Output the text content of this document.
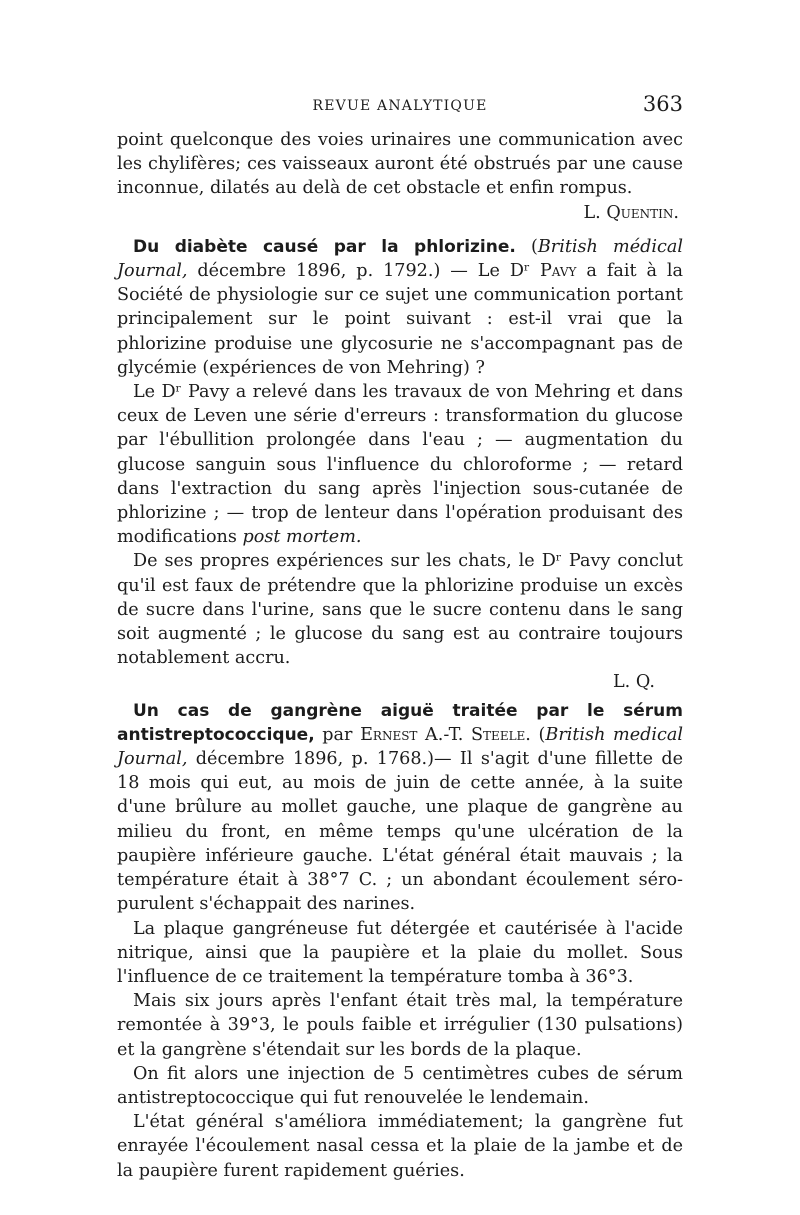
REVUE ANALYTIQUE	363

point quelconque des voies urinaires une communication avec les chylifères; ces vaisseaux auront été obstrués par une cause inconnue, dilatés au delà de cet obstacle et enfin rompus.

L. Quentin.

Du diabète causé par la phlorizine. (British médical Journal, décembre 1896, p. 1792.) — Le Dʳ Pavy a fait à la Société de physiologie sur ce sujet une communication portant principalement sur le point suivant : est-il vrai que la phlorizine produise une glycosurie ne s'accompagnant pas de glycémie (expériences de von Mehring) ?

Le Dʳ Pavy a relevé dans les travaux de von Mehring et dans ceux de Leven une série d'erreurs : transformation du glucose par l'ébullition prolongée dans l'eau ; — augmentation du glucose sanguin sous l'influence du chloroforme ; — retard dans l'extraction du sang après l'injection sous-cutanée de phlorizine ; — trop de lenteur dans l'opération produisant des modifications post mortem.

De ses propres expériences sur les chats, le Dʳ Pavy conclut qu'il est faux de prétendre que la phlorizine produise un excès de sucre dans l'urine, sans que le sucre contenu dans le sang soit augmenté ; le glucose du sang est au contraire toujours notablement accru.

L. Q.

Un cas de gangrène aiguë traitée par le sérum antistreptococcique, par Ernest A.-T. Steele. (British medical Journal, décembre 1896, p. 1768.)— Il s'agit d'une fillette de 18 mois qui eut, au mois de juin de cette année, à la suite d'une brûlure au mollet gauche, une plaque de gangrène au milieu du front, en même temps qu'une ulcération de la paupière inférieure gauche. L'état général était mauvais ; la température était à 38°7 C. ; un abondant écoulement séro-purulent s'échappait des narines.

La plaque gangréneuse fut détergée et cautérisée à l'acide nitrique, ainsi que la paupière et la plaie du mollet. Sous l'influence de ce traitement la température tomba à 36°3.

Mais six jours après l'enfant était très mal, la température remontée à 39°3, le pouls faible et irrégulier (130 pulsations) et la gangrène s'étendait sur les bords de la plaque.

On fit alors une injection de 5 centimètres cubes de sérum antistreptococcique qui fut renouvelée le lendemain.

L'état général s'améliora immédiatement; la gangrène fut enrayée l'écoulement nasal cessa et la plaie de la jambe et de la paupière furent rapidement guéries.
